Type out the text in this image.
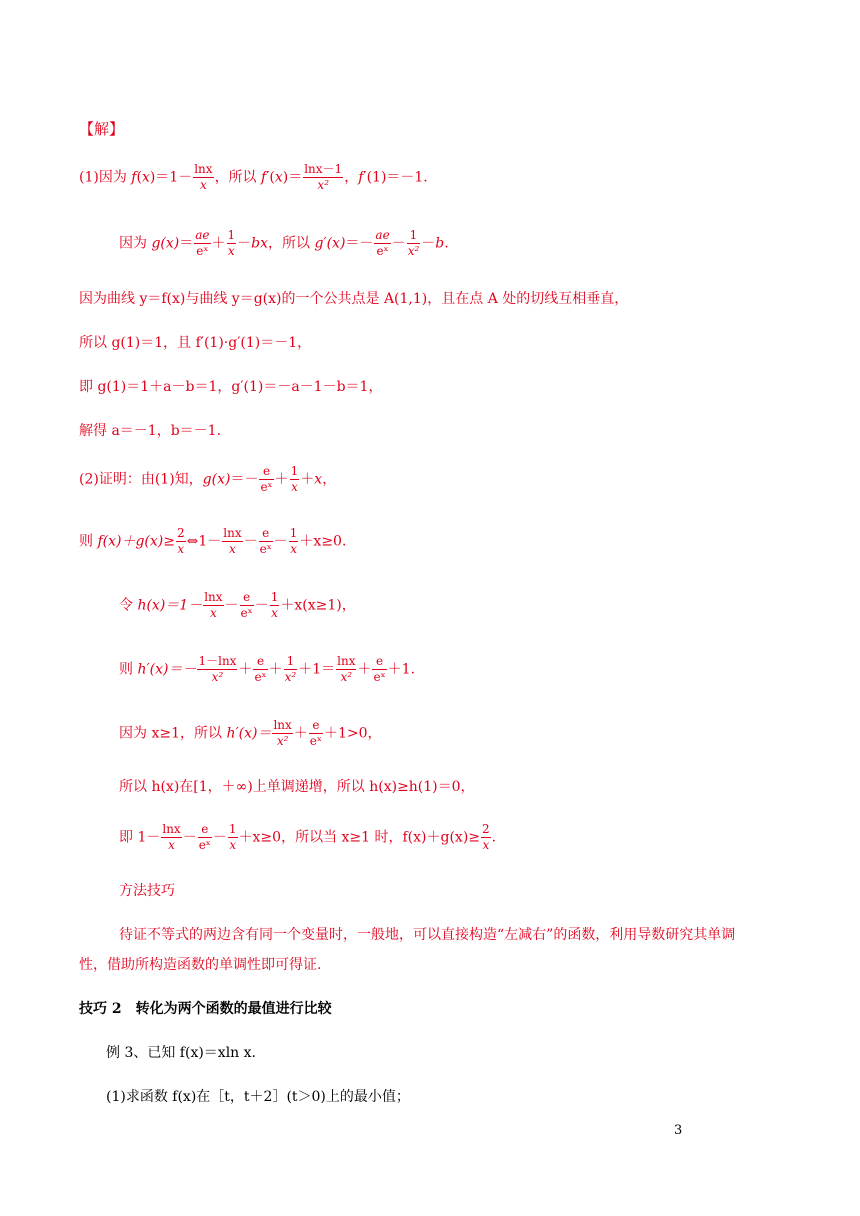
【解】
(1)因为 $f(x)=1- \frac{\ln x}{x}$ ，所以 $f'(x)= \frac{\ln x-1}{\text{x²}}$ ，f′(1)＝－1.
因为 $g(x)= \frac{ae}{\text{eˣ}} + \frac{1}{x} -bx$，所以 $g'(x)=- \frac{ae}{\text{eˣ}} - \frac{1}{\text{x²}} -b$.
因为曲线 y＝f(x)与曲线 y＝g(x)的一个公共点是 A(1,1)，且在点 A 处的切线互相垂直，
所以 g(1)＝1，且 f′(1)·g′(1)＝－1，
即 g(1)＝1＋a－b＝1，g′(1)＝－a－1－b＝1，
解得 a＝－1，b＝－1.
(2)证明：由(1)知，$g(x)=- \frac{e}{\text{eˣ}} + \frac{1}{x} +x$，
则 $f(x)+g(x)\ge \frac{2}{x}$ ⇔1－ $\frac{\ln x}{x} - \frac{e}{\text{eˣ}} - \frac{1}{x} +x\ge 0$.
令 $h(x)=1- \frac{\ln x}{x} - \frac{e}{\text{eˣ}} - \frac{1}{x} +x(x\ge 1)$，
则 $h'(x)=- \frac{1-\ln x}{\text{x²}} + \frac{e}{\text{eˣ}} + \frac{1}{\text{x²}} +1= \frac{\ln x}{\text{x²}} + \frac{e}{\text{eˣ}} +1$.
因为 x≥1，所以 $h'(x)= \frac{\ln x}{\text{x²}} + \frac{e}{\text{eˣ}} +1>0$，
所以 h(x)在[1，＋∞)上单调递增，所以 h(x)≥h(1)＝0，
即 $1- \frac{\ln x}{x} - \frac{e}{\text{eˣ}} - \frac{1}{x} +x\ge 0$，所以当 x≥1 时，$f(x)+g(x)\ge \frac{2}{x}$ .
方法技巧
待证不等式的两边含有同一个变量时，一般地，可以直接构造“左减右”的函数，利用导数研究其单调
性，借助所构造函数的单调性即可得证.
技巧 2　转化为两个函数的最值进行比较
例 3、已知 f(x)＝xln x.
(1)求函数 f(x)在［t，t＋2］(t＞0)上的最小值；
3
